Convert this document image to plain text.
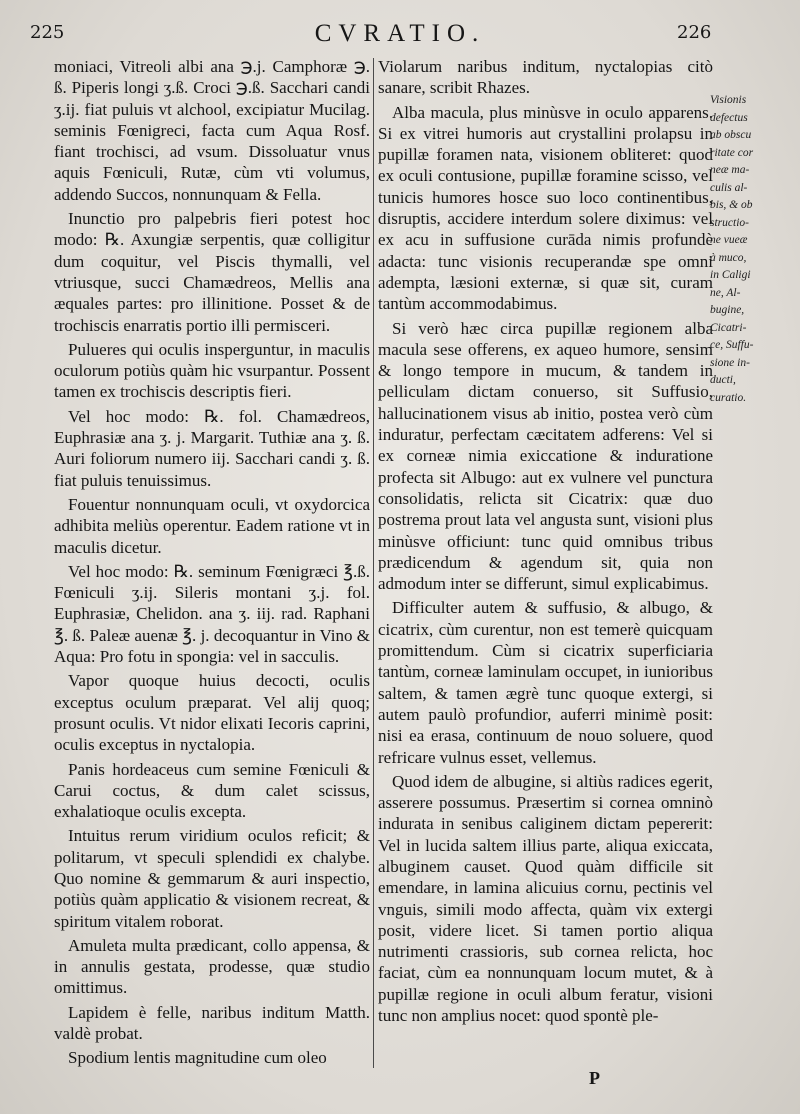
225	CVRATIO.	226

moniaci, Vitreoli albi ana ℈.j. Camphoræ ℈. ß. Piperis longi ʒ.ß. Croci ℈.ß. Sacchari candi ʒ.ij. fiat puluis vt alchool, excipiatur Mucilag. seminis Fœnigreci, facta cum Aqua Rosf. fiant trochisci, ad vsum. Dissoluatur vnus aquis Fœniculi, Rutæ, cùm vti volumus, addendo Succos, nonnunquam & Fella.

Inunctio pro palpebris fieri potest hoc modo: ℞. Axungiæ serpentis, quæ colligitur dum coquitur, vel Piscis thymalli, vel vtriusque, succi Chamædreos, Mellis ana æquales partes: pro illinitione. Posset & de trochiscis enarratis portio illi permisceri.

Pulueres qui oculis insperguntur, in maculis oculorum potiùs quàm hic vsurpantur. Possent tamen ex trochiscis descriptis fieri.

Vel hoc modo: ℞. fol. Chamædreos, Euphrasiæ ana ʒ. j. Margarit. Tuthiæ ana ʒ. ß. Auri foliorum numero iij. Sacchari candi ʒ. ß. fiat puluis tenuissimus.

Fouentur nonnunquam oculi, vt oxydorcica adhibita meliùs operentur. Eadem ratione vt in maculis dicetur.

Vel hoc modo: ℞. seminum Fœnigræci ℥.ß. Fœniculi ʒ.ij. Sileris montani ʒ.j. fol. Euphrasiæ, Chelidon. ana ʒ. iij. rad. Raphani ℥. ß. Paleæ auenæ ℥. j. decoquantur in Vino & Aqua: Pro fotu in spongia: vel in sacculis.

Vapor quoque huius decocti, oculis exceptus oculum præparat. Vel alij quoq; prosunt oculis. Vt nidor elixati Iecoris caprini, oculis exceptus in nyctalopia.

Panis hordeaceus cum semine Fœniculi & Carui coctus, & dum calet scissus, exhalatioque oculis excepta.

Intuitus rerum viridium oculos reficit; & politarum, vt speculi splendidi ex chalybe. Quo nomine & gemmarum & auri inspectio, potiùs quàm applicatio & visionem recreat, & spiritum vitalem roborat.

Amuleta multa prædicant, collo appensa, & in annulis gestata, prodesse, quæ studio omittimus.

Lapidem è felle, naribus inditum Matth. valdè probat.

Spodium lentis magnitudine cum oleo

Violarum naribus inditum, nyctalopias citò sanare, scribit Rhazes.

Alba macula, plus minùsve in oculo apparens. Si ex vitrei humoris aut crystallini prolapsu in pupillæ foramen nata, visionem obliteret: quod ex oculi contusione, pupillæ foramine scisso, vel tunicis humores hosce suo loco continentibus, disruptis, accidere interdum solere diximus: vel ex acu in suffusione curāda nimis profundè adacta: tunc visionis recuperandæ spe omni adempta, læsioni externæ, si quæ sit, curam tantùm accommodabimus.

Si verò hæc circa pupillæ regionem alba macula sese offerens, ex aqueo humore, sensim & longo tempore in mucum, & tandem in pelliculam dictam conuerso, sit Suffusio, hallucinationem visus ab initio, postea verò cùm induratur, perfectam cæcitatem adferens: Vel si ex corneæ nimia exiccatione & induratione profecta sit Albugo: aut ex vulnere vel punctura consolidatis, relicta sit Cicatrix: quæ duo postrema prout lata vel angusta sunt, visioni plus minùsve officiunt: tunc quid omnibus tribus prædicendum & agendum sit, quia non admodum inter se differunt, simul explicabimus.

Difficulter autem & suffusio, & albugo, & cicatrix, cùm curentur, non est temerè quicquam promittendum. Cùm si cicatrix superficiaria tantùm, corneæ laminulam occupet, in iunioribus saltem, & tamen ægrè tunc quoque extergi, si autem paulò profundior, auferri minimè posit: nisi ea erasa, continuum de nouo soluere, quod refricare vulnus esset, vellemus.

Quod idem de albugine, si altiùs radices egerit, asserere possumus. Præsertim si cornea omninò indurata in senibus caliginem dictam pepererit: Vel in lucida saltem illius parte, aliqua exiccata, albuginem causet. Quod quàm difficile sit emendare, in lamina alicuius cornu, pectinis vel vnguis, simili modo affecta, quàm vix extergi posit, videre licet. Si tamen portio aliqua nutrimenti crassioris, sub cornea relicta, hoc faciat, cùm ea nonnunquam locum mutet, & à pupillæ regione in oculi album feratur, visioni tunc non amplius nocet: quod spontè ple-

Visionis
defectus
ab obscu
ritate cor
neæ ma-
culis al-
bis, & ob
structio-
ne vueæ
à muco,
in Caligi
ne, Al-
bugine,
Cicatri-
ce, Suffu-
sione in-
ducti,
curatio.
P
